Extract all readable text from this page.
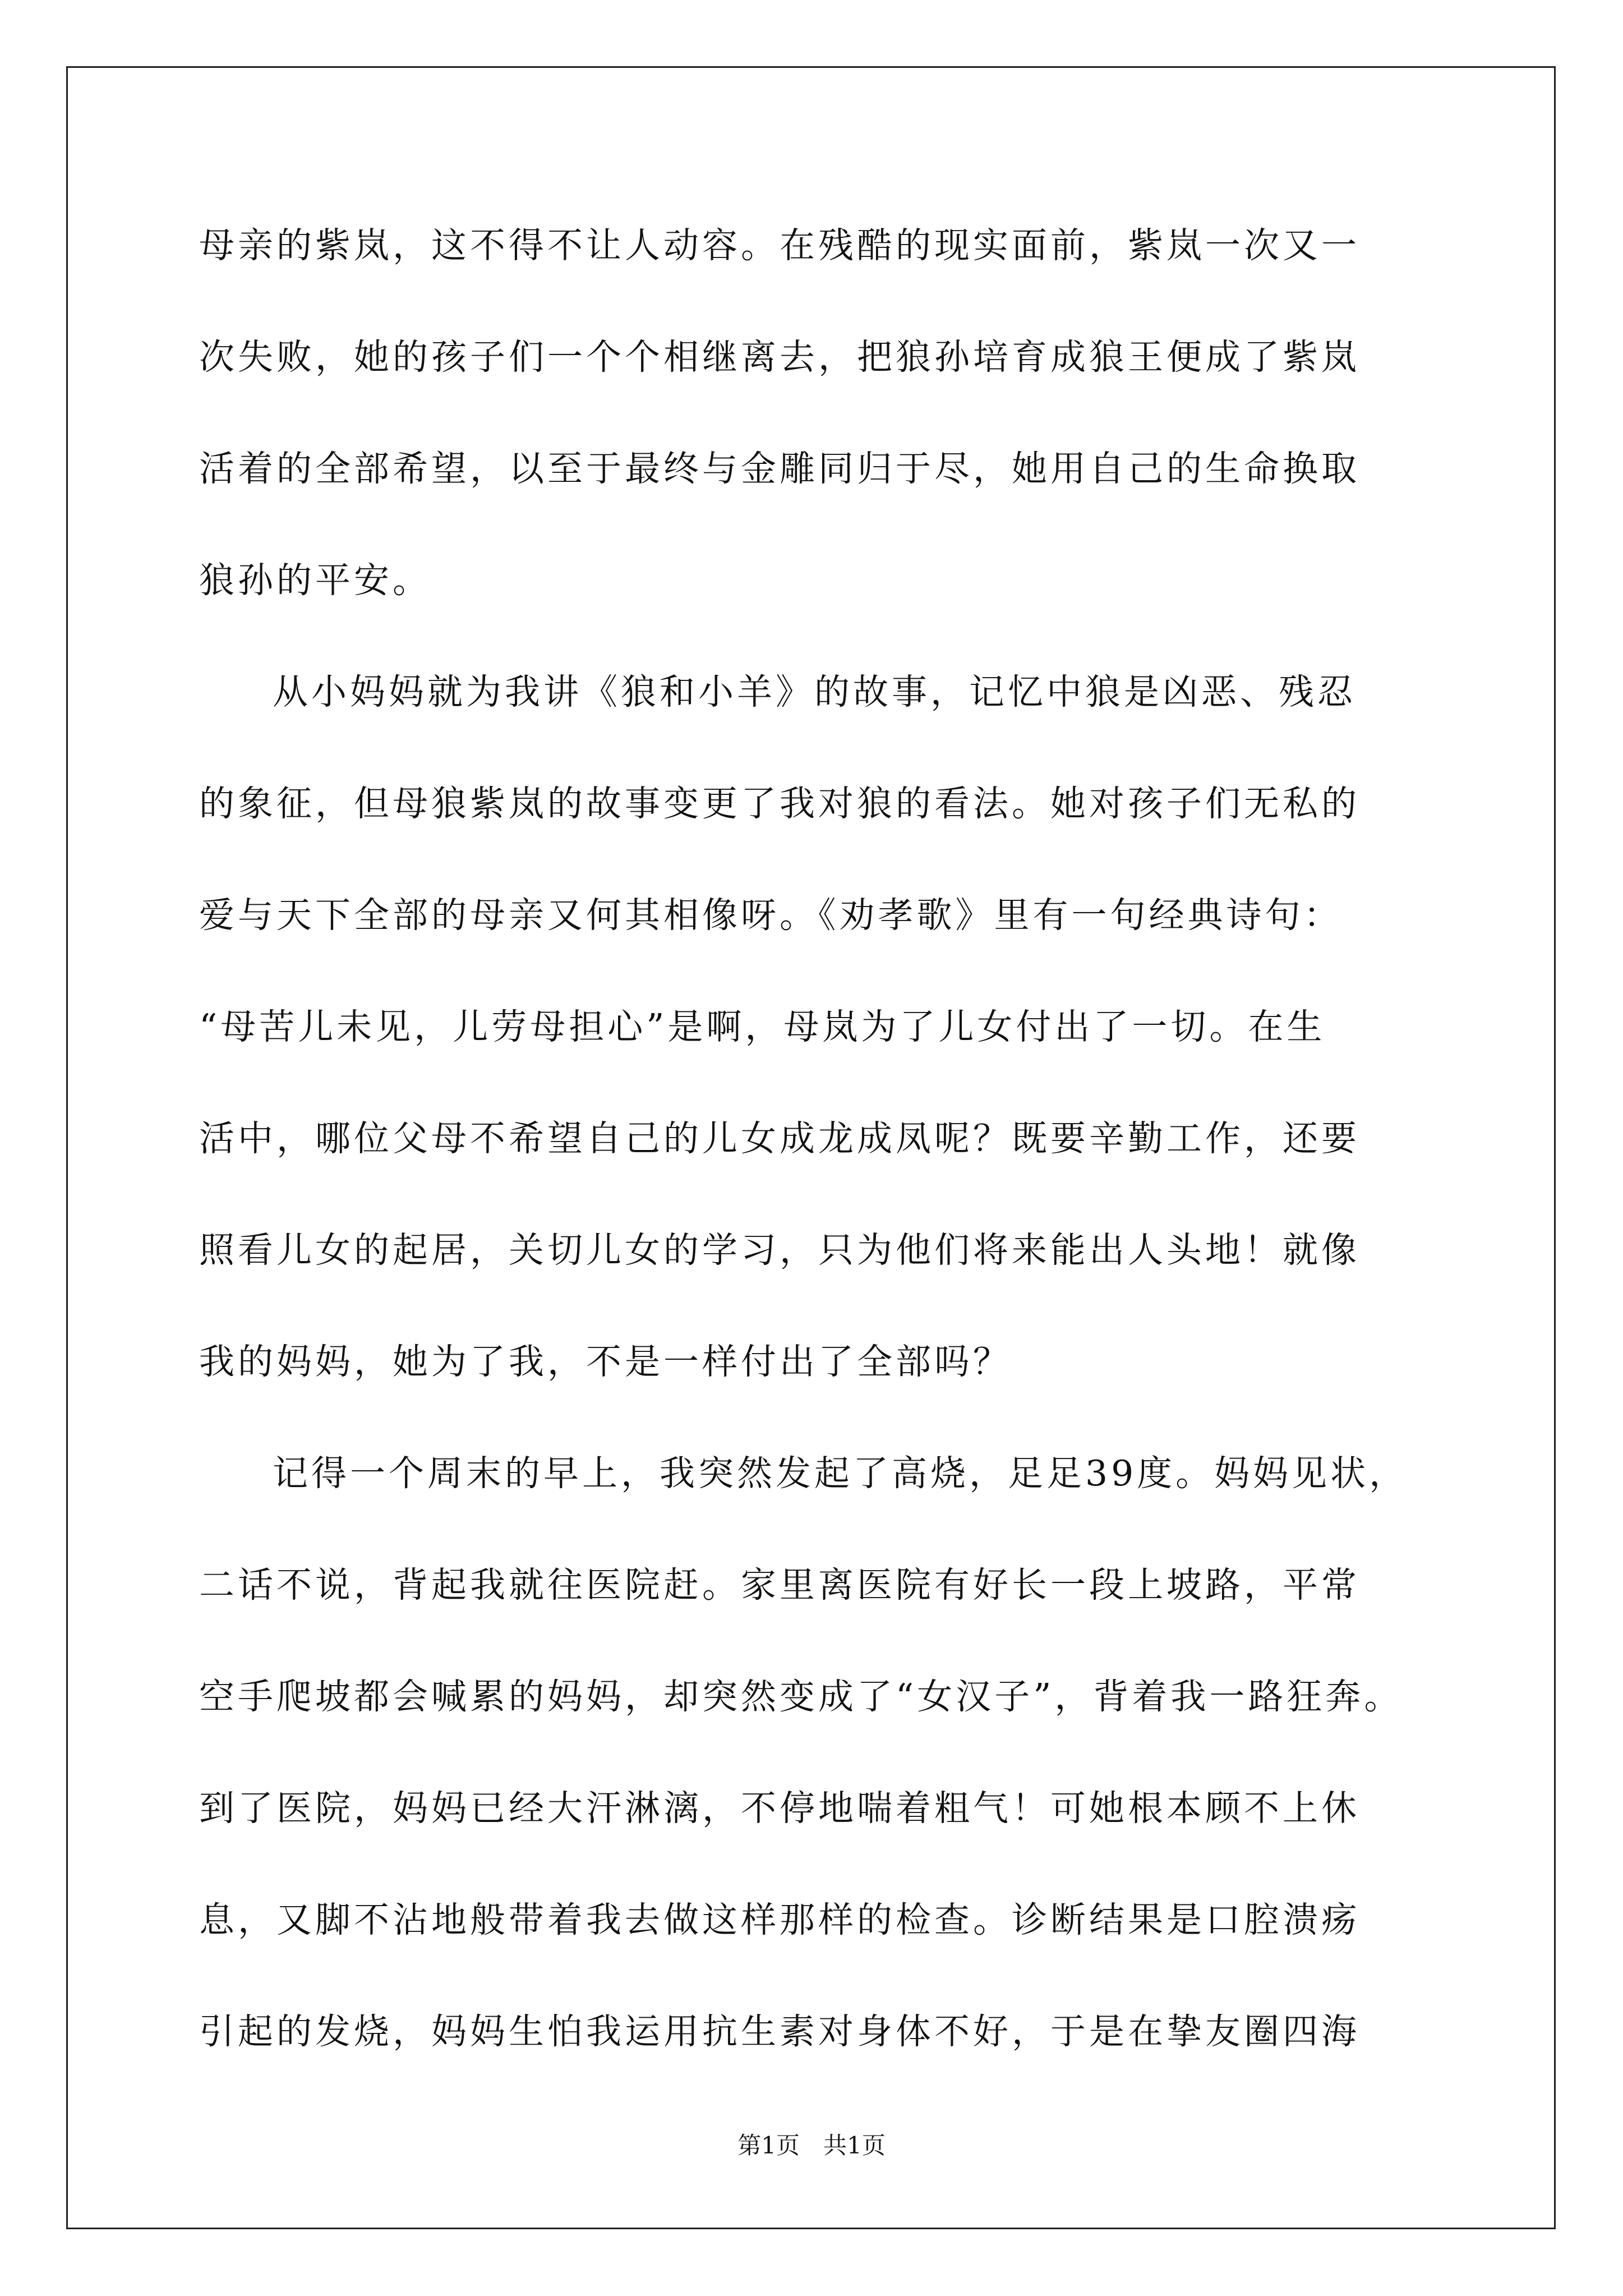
母亲的紫岚，这不得不让人动容。在残酷的现实面前，紫岚一次又一
次失败，她的孩子们一个个相继离去，把狼孙培育成狼王便成了紫岚
活着的全部希望，以至于最终与金雕同归于尽，她用自己的生命换取
狼孙的平安。
从小妈妈就为我讲《狼和小羊》的故事，记忆中狼是凶恶、残忍
的象征，但母狼紫岚的故事变更了我对狼的看法。她对孩子们无私的
爱与天下全部的母亲又何其相像呀。《劝孝歌》里有一句经典诗句：
“母苦儿未见，儿劳母担心”是啊，母岚为了儿女付出了一切。在生
活中，哪位父母不希望自己的儿女成龙成凤呢？既要辛勤工作，还要
照看儿女的起居，关切儿女的学习，只为他们将来能出人头地！就像
我的妈妈，她为了我，不是一样付出了全部吗？
记得一个周末的早上，我突然发起了高烧，足足39度。妈妈见状，
二话不说，背起我就往医院赶。家里离医院有好长一段上坡路，平常
空手爬坡都会喊累的妈妈，却突然变成了“女汉子”，背着我一路狂奔。
到了医院，妈妈已经大汗淋漓，不停地喘着粗气！可她根本顾不上休
息，又脚不沾地般带着我去做这样那样的检查。诊断结果是口腔溃疡
引起的发烧，妈妈生怕我运用抗生素对身体不好，于是在挚友圈四海
第1页　共1页
